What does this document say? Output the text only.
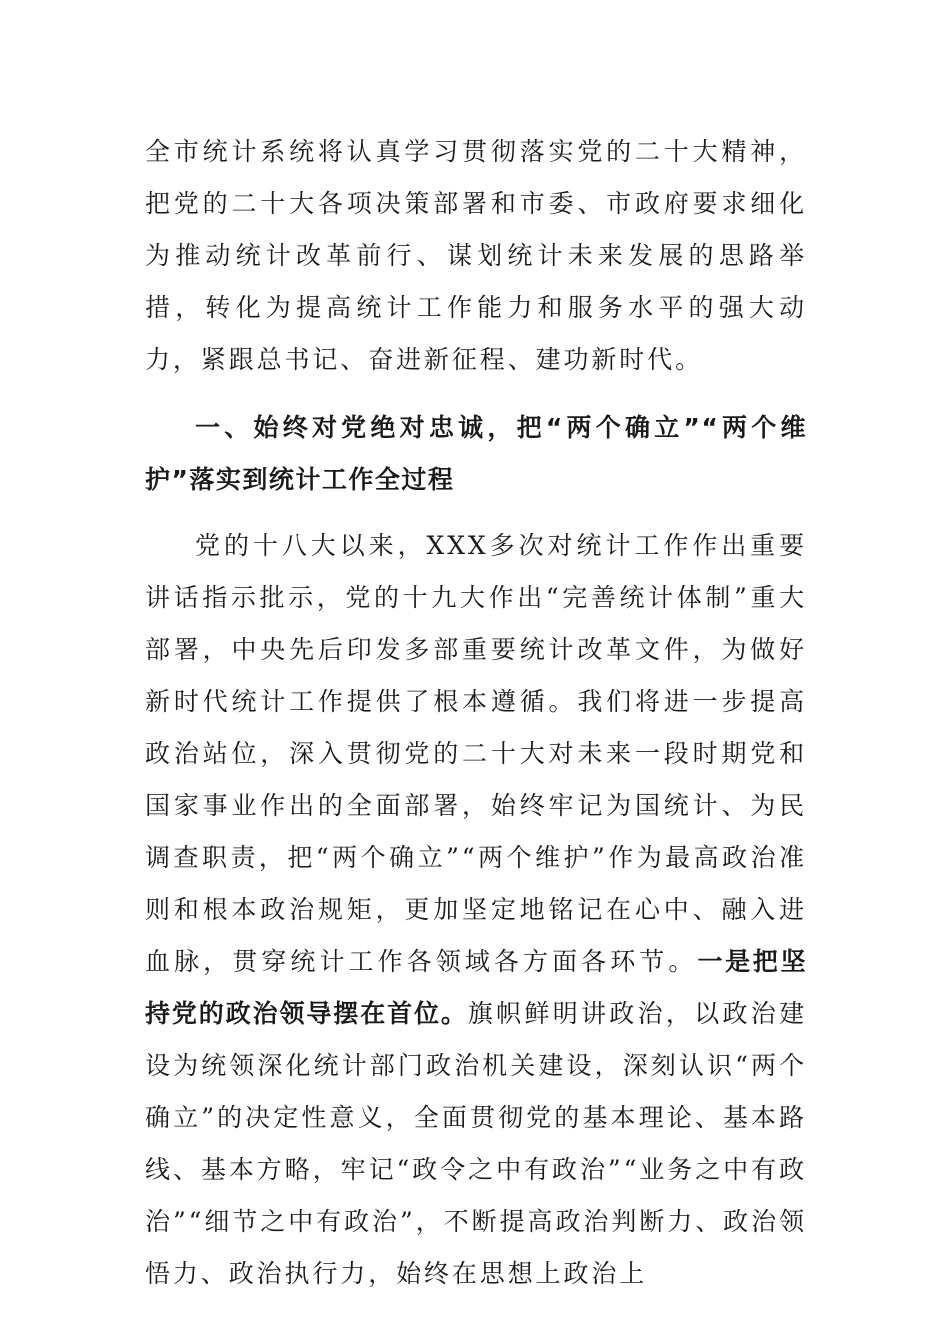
全市统计系统将认真学习贯彻落实党的二十大精神，把党的二十大各项决策部署和市委、市政府要求细化为推动统计改革前行、谋划统计未来发展的思路举措，转化为提高统计工作能力和服务水平的强大动力，紧跟总书记、奋进新征程、建功新时代。

一、始终对党绝对忠诚，把“两个确立”“两个维护”落实到统计工作全过程

党的十八大以来，XXX多次对统计工作作出重要讲话指示批示，党的十九大作出“完善统计体制”重大部署，中央先后印发多部重要统计改革文件，为做好新时代统计工作提供了根本遵循。我们将进一步提高政治站位，深入贯彻党的二十大对未来一段时期党和国家事业作出的全面部署，始终牢记为国统计、为民调查职责，把“两个确立”“两个维护”作为最高政治准则和根本政治规矩，更加坚定地铭记在心中、融入进血脉，贯穿统计工作各领域各方面各环节。一是把坚持党的政治领导摆在首位。旗帜鲜明讲政治，以政治建设为统领深化统计部门政治机关建设，深刻认识“两个确立”的决定性意义，全面贯彻党的基本理论、基本路线、基本方略，牢记“政令之中有政治”“业务之中有政治”“细节之中有政治”，不断提高政治判断力、政治领悟力、政治执行力，始终在思想上政治上
